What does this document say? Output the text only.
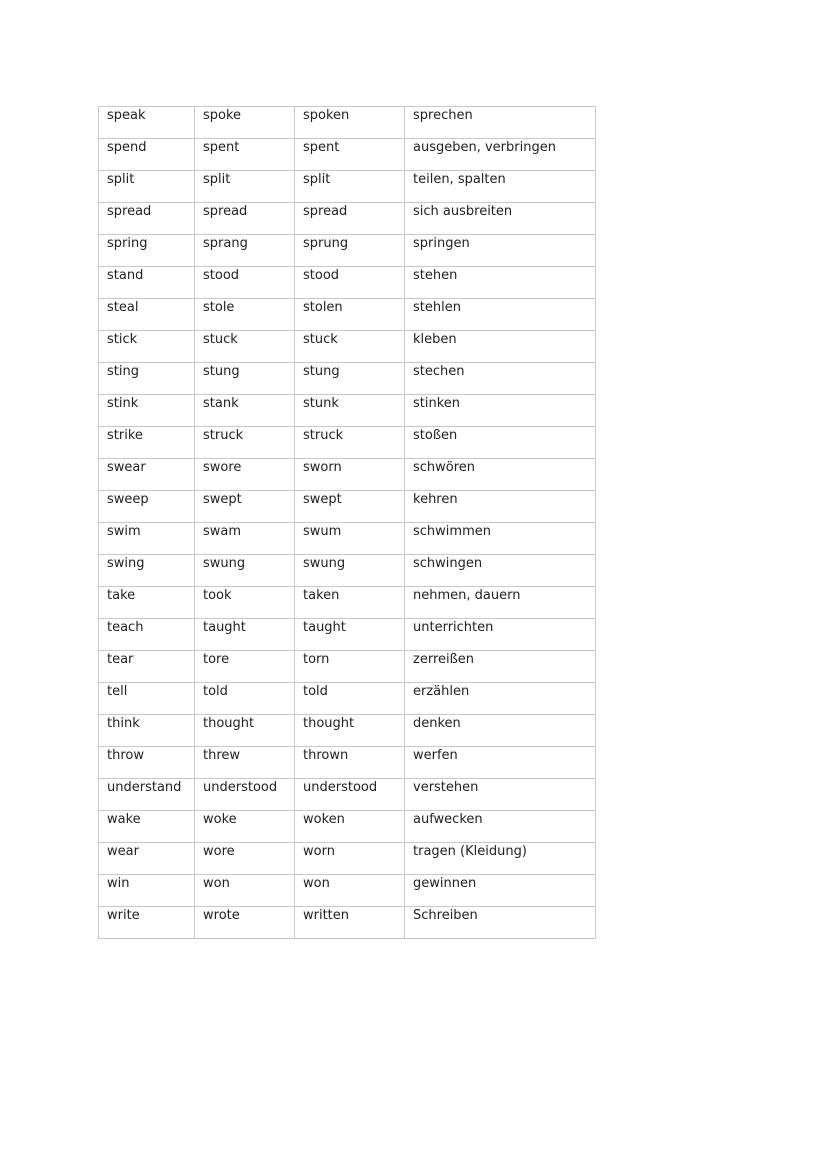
speak	spoke	spoken	sprechen

spend	spent	spent	ausgeben, verbringen

split	split	split	teilen, spalten

spread	spread	spread	sich ausbreiten

spring	sprang	sprung	springen

stand	stood	stood	stehen

steal	stole	stolen	stehlen

stick	stuck	stuck	kleben

sting	stung	stung	stechen

stink	stank	stunk	stinken

strike	struck	struck	stoßen

swear	swore	sworn	schwören

sweep	swept	swept	kehren

swim	swam	swum	schwimmen

swing	swung	swung	schwingen

take	took	taken	nehmen, dauern

teach	taught	taught	unterrichten

tear	tore	torn	zerreißen

tell	told	told	erzählen

think	thought	thought	denken

throw	threw	thrown	werfen

understand	understood	understood	verstehen

wake	woke	woken	aufwecken

wear	wore	worn	tragen (Kleidung)

win	won	won	gewinnen

write	wrote	written	Schreiben
